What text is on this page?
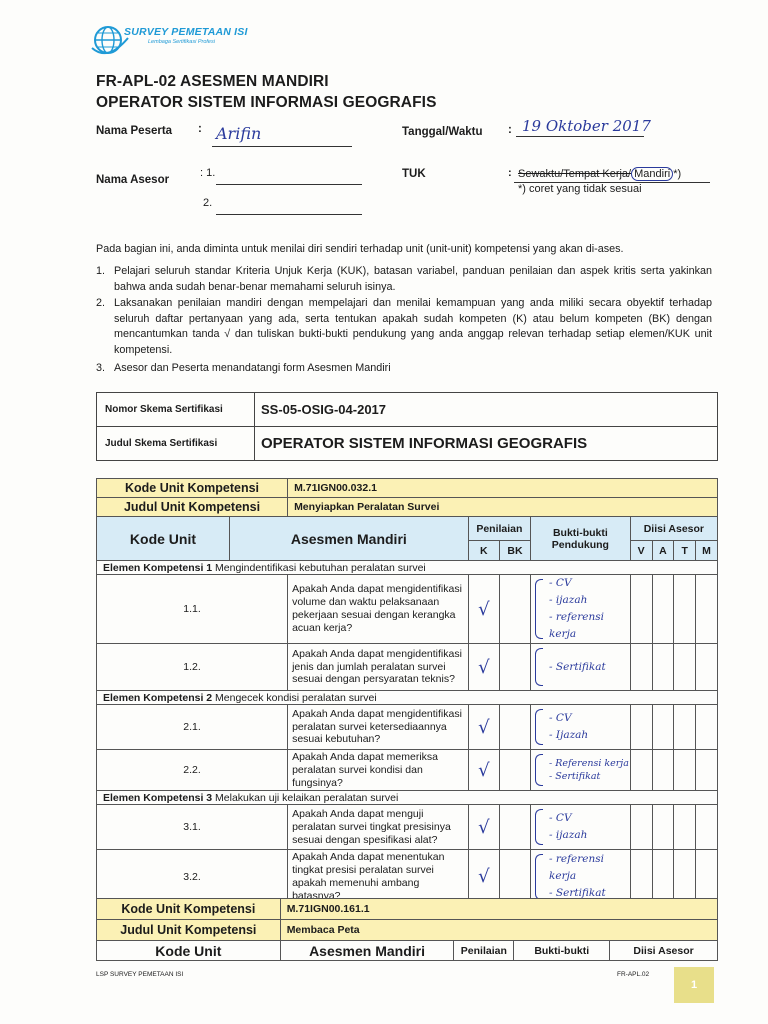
SURVEY PEMETAAN ISI
Lembaga Sertifikasi Profesi
FR-APL-02 ASESMEN MANDIRI
OPERATOR SISTEM INFORMASI GEOGRAFIS
Nama Peserta : Arifin	Tanggal/Waktu : 19 Oktober 2017
Nama Asesor
: 1.
2.
TUK	: Sewaktu/Tempat Kerja/ Mandiri *)
*) coret yang tidak sesuai
Pada bagian ini, anda diminta untuk menilai diri sendiri terhadap unit (unit-unit) kompetensi yang akan di-ases.
1. Pelajari seluruh standar Kriteria Unjuk Kerja (KUK), batasan variabel, panduan penilaian dan aspek kritis serta yakinkan bahwa anda sudah benar-benar memahami seluruh isinya.
2. Laksanakan penilaian mandiri dengan mempelajari dan menilai kemampuan yang anda miliki secara obyektif terhadap seluruh daftar pertanyaan yang ada, serta tentukan apakah sudah kompeten (K) atau belum kompeten (BK) dengan mencantumkan tanda √ dan tuliskan bukti-bukti pendukung yang anda anggap relevan terhadap setiap elemen/KUK unit kompetensi.
3. Asesor dan Peserta menandatangi form Asesmen Mandiri
Nomor Skema Sertifikasi	SS-05-OSIG-04-2017
Judul Skema Sertifikasi	OPERATOR SISTEM INFORMASI GEOGRAFIS
Kode Unit Kompetensi		M.71IGN00.032.1							
Judul Unit Kompetensi		Menyiapkan Peralatan Survei							
Kode Unit	Asesmen Mandiri		Penilaian		Bukti-bukti Pendukung	Diisi Asesor			
			K	BK		V	A	T	M
Elemen Kompetensi 1 Mengindentifikasi kebutuhan peralatan survei									
1.1.		Apakah Anda dapat mengidentifikasi volume dan waktu pelaksanaan pekerjaan sesuai dengan kerangka acuan kerja?	√		- CV
- ijazah
- referensi kerja				

1.2.		Apakah Anda dapat mengidentifikasi jenis dan jumlah peralatan survei sesuai dengan persyaratan teknis?	√		- Sertifikat				

Elemen Kompetensi 2 Mengecek kondisi peralatan survei									
2.1.		Apakah Anda dapat mengidentifikasi peralatan survei ketersediaannya sesuai kebutuhan?	√		- CV
- Ijazah				

2.2.		Apakah Anda dapat memeriksa peralatan survei kondisi dan fungsinya?	√		- Referensi kerja
- Sertifikat				

Elemen Kompetensi 3 Melakukan uji kelaikan peralatan survei									
3.1.		Apakah Anda dapat menguji peralatan survei tingkat presisinya sesuai dengan spesifikasi alat?	√		- CV
- ijazah				

3.2.		Apakah Anda dapat menentukan tingkat presisi peralatan survei apakah memenuhi ambang batasnya?	√		- referensi kerja
- Sertifikat				

Kode Unit Kompetensi	M.71IGN00.161.1			
Judul Unit Kompetensi	Membaca Peta			
Kode Unit	Asesmen Mandiri	Penilaian	Bukti-bukti	Diisi Asesor
LSP SURVEY PEMETAAN ISI	FR-APL.02
1
